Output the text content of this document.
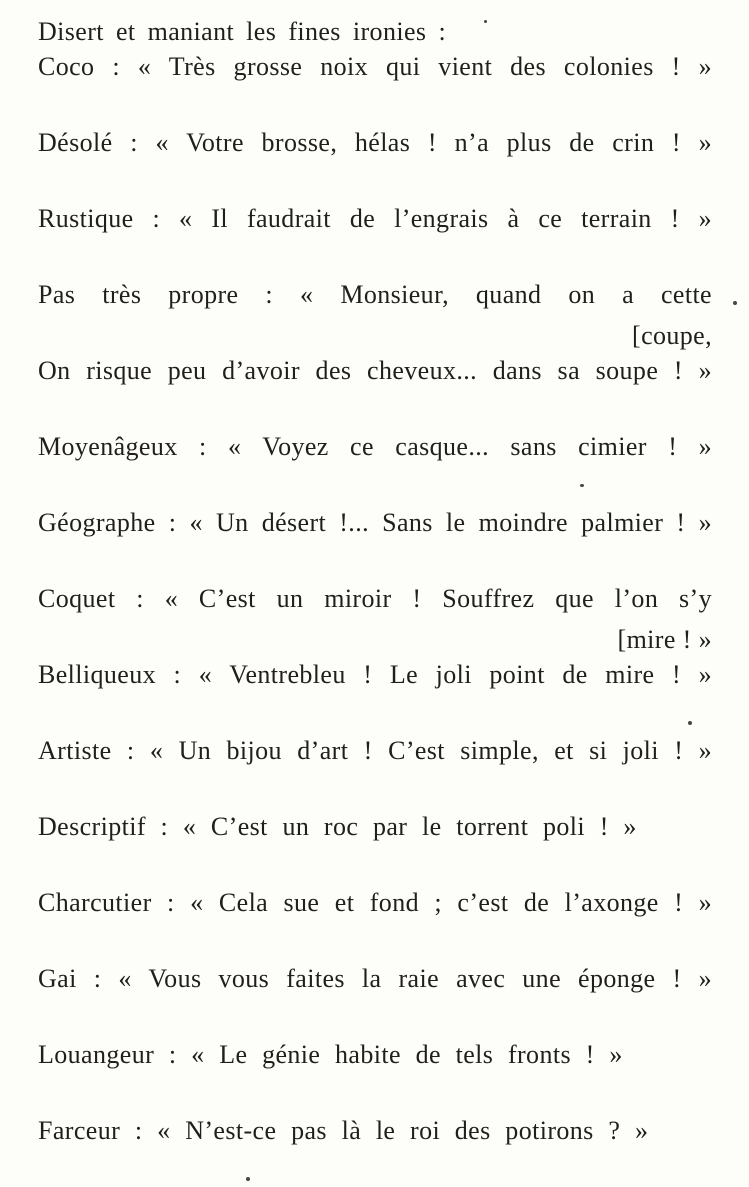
Disert et maniant les fines ironies :

Coco : « Très grosse noix qui vient des colonies ! »

Désolé : « Votre brosse, hélas ! n’a plus de crin ! »

Rustique : « Il faudrait de l’engrais à ce terrain ! »

Pas très propre : « Monsieur, quand on a cette

[coupe,

On risque peu d’avoir des cheveux... dans sa soupe ! »

Moyenâgeux : « Voyez ce casque... sans cimier ! »

Géographe : « Un désert !... Sans le moindre palmier ! »

Coquet : « C’est un miroir ! Souffrez que l’on s’y

[mire ! »

Belliqueux : « Ventrebleu ! Le joli point de mire ! »

Artiste : « Un bijou d’art ! C’est simple, et si joli ! »

Descriptif : « C’est un roc par le torrent poli ! »

Charcutier : « Cela sue et fond ; c’est de l’axonge ! »

Gai : « Vous vous faites la raie avec une éponge ! »

Louangeur : « Le génie habite de tels fronts ! »

Farceur : « N’est-ce pas là le roi des potirons ? »
